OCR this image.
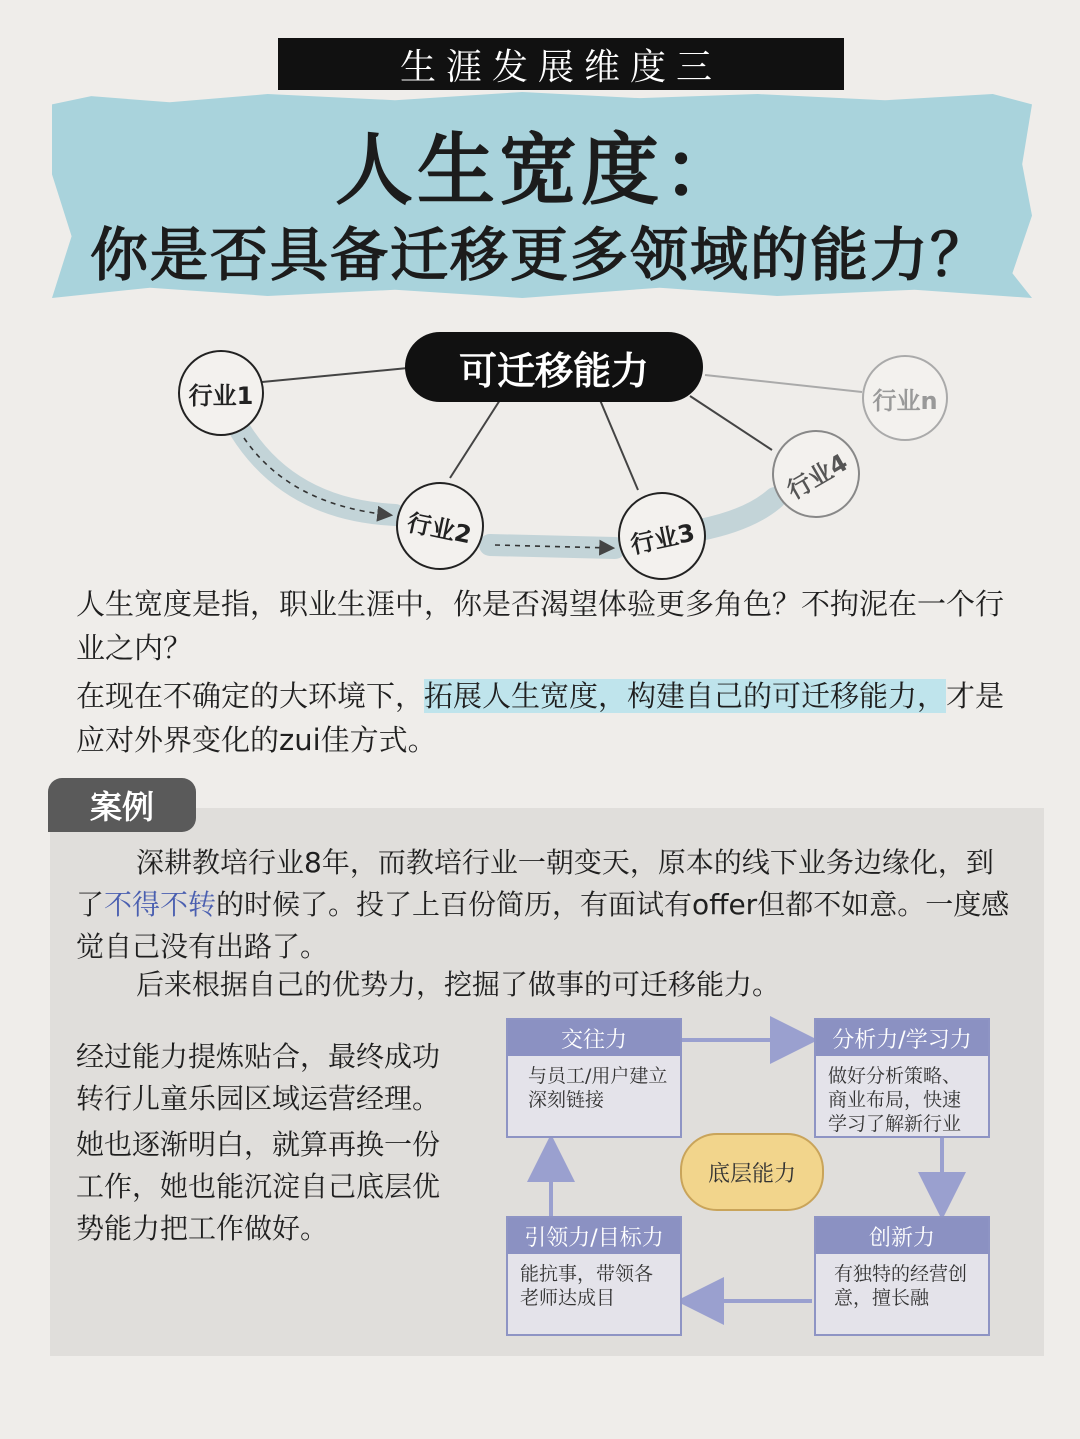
生涯发展维度三
人生宽度：
你是否具备迁移更多领域的能力？
可迁移能力
行业1
行业2	行业3
行业4
行业n
人生宽度是指，职业生涯中，你是否渴望体验更多角色？不拘泥在一个行业之内？
在现在不确定的大环境下，拓展人生宽度，构建自己的可迁移能力，才是应对外界变化的zui佳方式。
案例
深耕教培行业8年，而教培行业一朝变天，原本的线下业务边缘化，到了不得不转的时候了。投了上百份简历，有面试有offer但都不如意。一度感觉自己没有出路了。
后来根据自己的优势力，挖掘了做事的可迁移能力。
经过能力提炼贴合，最终成功转行儿童乐园区域运营经理。
她也逐渐明白，就算再换一份工作，她也能沉淀自己底层优势能力把工作做好。
交往力
与员工/用户建立深刻链接
分析力/学习力
做好分析策略、商业布局，快速学习了解新行业
引领力/目标力
能抗事，带领各老师达成目
创新力
有独特的经营创意，擅长融
底层能力
